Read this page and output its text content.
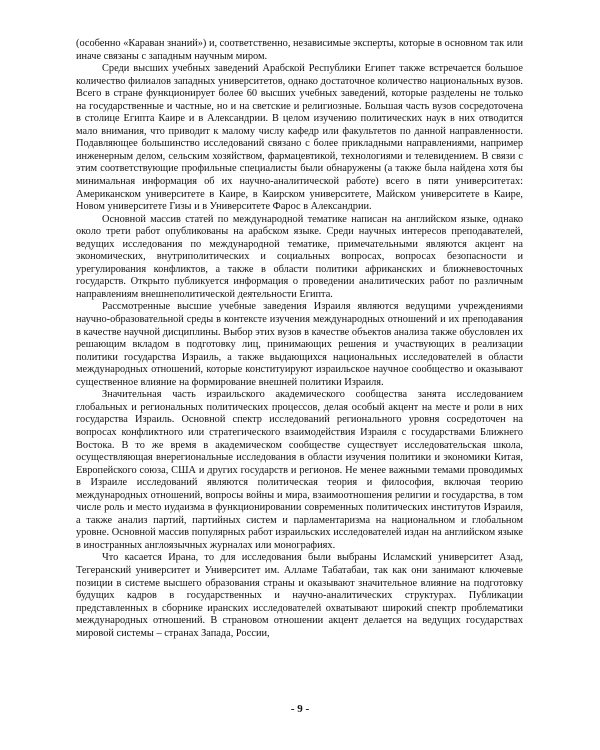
(особенно «Караван знаний») и, соответственно, независимые эксперты, которые в основном так или иначе связаны с западным научным миром.

Среди высших учебных заведений Арабской Республики Египет также встречается большое количество филиалов западных университетов, однако достаточное количество национальных вузов. Всего в стране функционирует более 60 высших учебных заведений, которые разделены не только на государственные и частные, но и на светские и религиозные. Большая часть вузов сосредоточена в столице Египта Каире и в Александрии. В целом изучению политических наук в них отводится мало внимания, что приводит к малому числу кафедр или факультетов по данной направленности. Подавляющее большинство исследований связано с более прикладными направлениями, например инженерным делом, сельским хозяйством, фармацевтикой, технологиями и телевидением. В связи с этим соответствующие профильные специалисты были обнаружены (а также была найдена хотя бы минимальная информация об их научно-аналитической работе) всего в пяти университетах: Американском университете в Каире, в Каирском университете, Майском университете в Каире, Новом университете Гизы и в Университете Фарос в Александрии.

Основной массив статей по международной тематике написан на английском языке, однако около трети работ опубликованы на арабском языке. Среди научных интересов преподавателей, ведущих исследования по международной тематике, примечательными являются акцент на экономических, внутриполитических и социальных вопросах, вопросах безопасности и урегулирования конфликтов, а также в области политики африканских и ближневосточных государств. Открыто публикуется информация о проведении аналитических работ по различным направлениям внешнеполитической деятельности Египта.

Рассмотренные высшие учебные заведения Израиля являются ведущими учреждениями научно-образовательной среды в контексте изучения международных отношений и их преподавания в качестве научной дисциплины. Выбор этих вузов в качестве объектов анализа также обусловлен их решающим вкладом в подготовку лиц, принимающих решения и участвующих в реализации политики государства Израиль, а также выдающихся национальных исследователей в области международных отношений, которые конституируют израильское научное сообщество и оказывают существенное влияние на формирование внешней политики Израиля.

Значительная часть израильского академического сообщества занята исследованием глобальных и региональных политических процессов, делая особый акцент на месте и роли в них государства Израиль. Основной спектр исследований регионального уровня сосредоточен на вопросах конфликтного или стратегического взаимодействия Израиля с государствами Ближнего Востока. В то же время в академическом сообществе существует исследовательская школа, осуществляющая внерегиональные исследования в области изучения политики и экономики Китая, Европейского союза, США и других государств и регионов. Не менее важными темами проводимых в Израиле исследований являются политическая теория и философия, включая теорию международных отношений, вопросы войны и мира, взаимоотношения религии и государства, в том числе роль и место иудаизма в функционировании современных политических институтов Израиля, а также анализ партий, партийных систем и парламентаризма на национальном и глобальном уровне. Основной массив популярных работ израильских исследователей издан на английском языке в иностранных англоязычных журналах или монографиях.

Что касается Ирана, то для исследования были выбраны Исламский университет Азад, Тегеранский университет и Университет им. Алламе Табатабаи, так как они занимают ключевые позиции в системе высшего образования страны и оказывают значительное влияние на подготовку будущих кадров в государственных и научно-аналитических структурах. Публикации представленных в сборнике иранских исследователей охватывают широкий спектр проблематики международных отношений. В страновом отношении акцент делается на ведущих государствах мировой системы – странах Запада, России,

- 9 -
